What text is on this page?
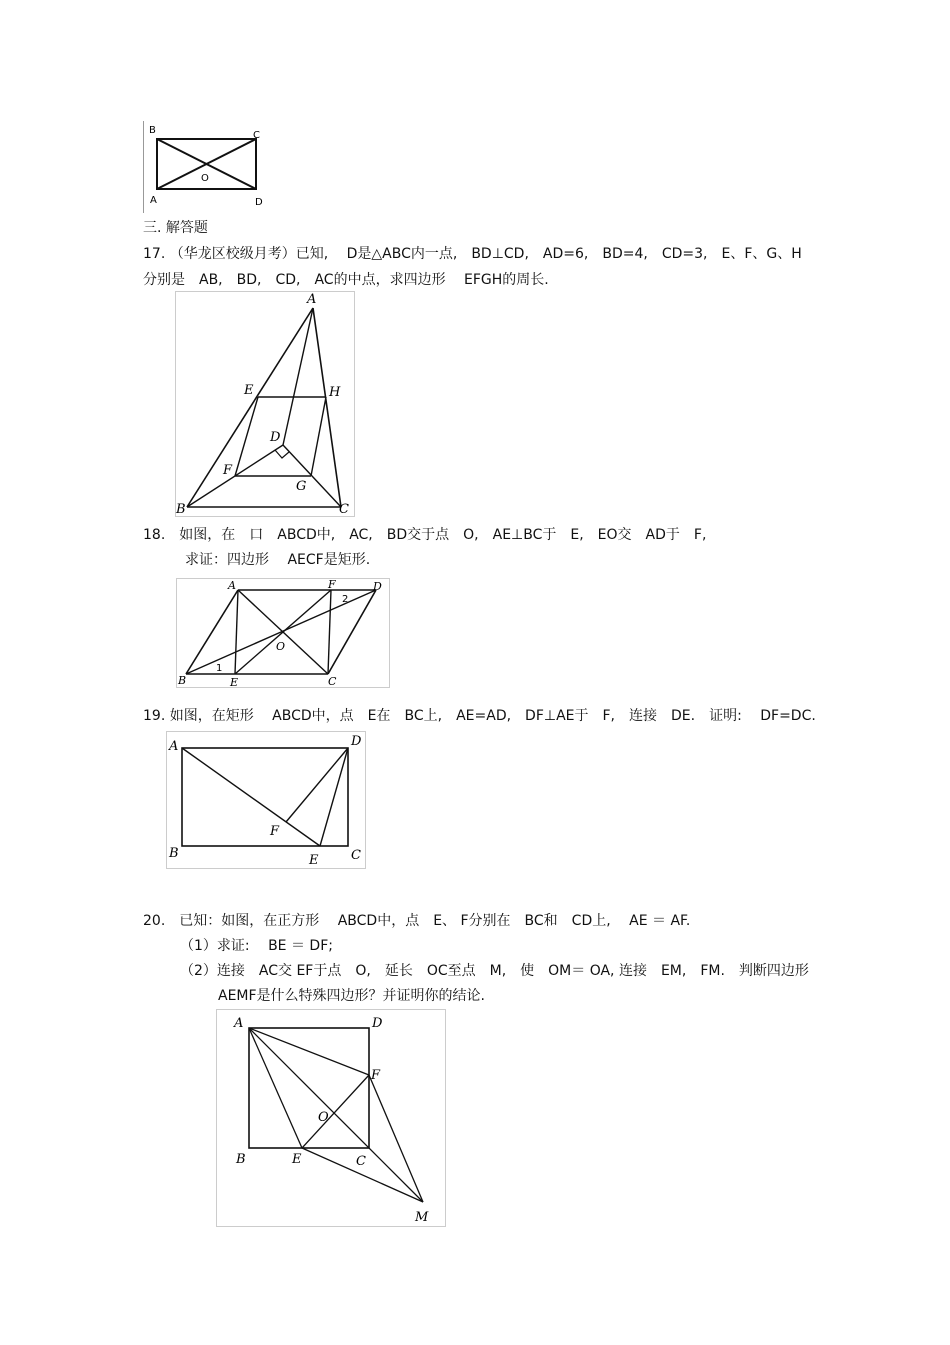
B	C
O
A	D
三. 解答题
17. （华龙区校级月考）已知,　 D是△ABC内一点,　BD⊥CD,　AD=6,　BD=4,　CD=3,　E、F、G、H
分别是　AB,　BD,　CD,　AC的中点，求四边形　 EFGH的周长.
A
E	H
D
F
G
B	C
18.　如图，在　口　ABCD中,　AC,　BD交于点　O,　AE⊥BC于　E,　EO交　AD于　F,
求证：四边形　 AECF是矩形.
A	F	D
2
O
1
B	E	C
19. 如图，在矩形　 ABCD中，点　E在　BC上,　AE=AD,　DF⊥AE于　F,　连接　DE.　证明:　 DF=DC.
A	D
F
B	E	C
20.　已知：如图，在正方形　 ABCD中，点　E、 F分别在　BC和　CD上,　 AE ＝ AF.
（1）求证:　 BE ＝ DF;
（2）连接　AC交 EF于点　O,　延长　OC至点　M,　使　OM＝ OA, 连接　EM,　FM.　判断四边形
AEMF是什么特殊四边形？并证明你的结论.
A	D
F
O
B	E	C
M
